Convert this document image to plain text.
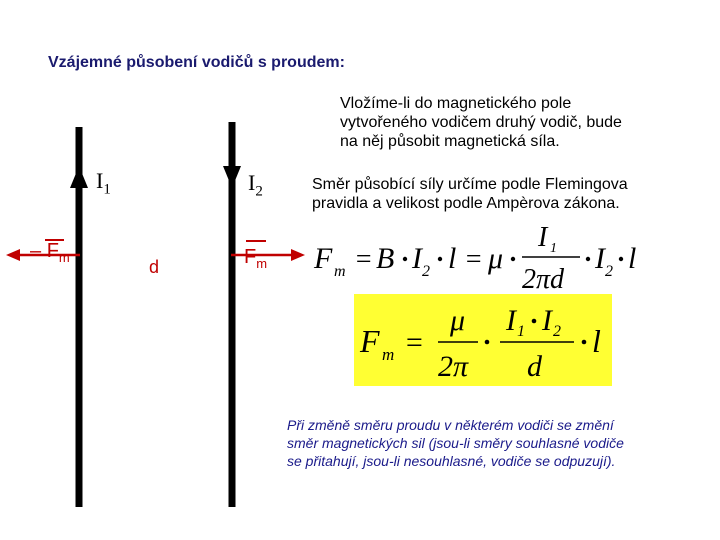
Vzájemné působení vodičů s proudem:
Vložíme-li do magnetického pole
vytvořeného vodičem druhý vodič, bude
na něj působit magnetická síla.
Směr působící síly určíme podle Flemingova
pravidla a velikost podle Ampèrova zákona.
$I_1$	$I_2$
– $F_m$	$F_m$
d	F m = B I 2 l = μ
I 1
2πd
I 2 l
F m =
μ
2π
I 1 I 2
d
l
Při změně směru proudu v některém vodiči se změní
směr magnetických sil (jsou-li směry souhlasné vodiče
se přitahují, jsou-li nesouhlasné, vodiče se odpuzují).
